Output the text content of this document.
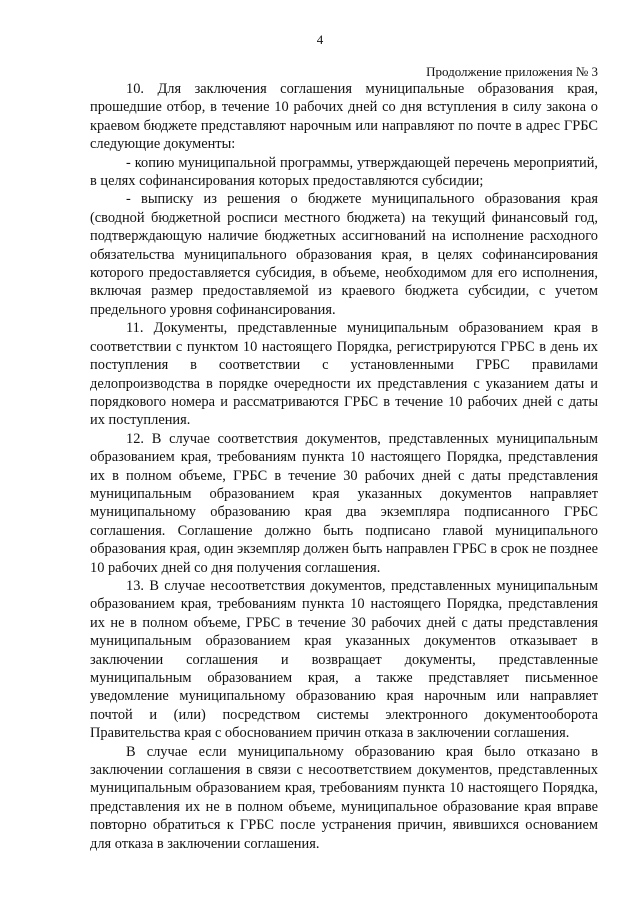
4
Продолжение приложения № 3

10. Для заключения соглашения муниципальные образования края, прошедшие отбор, в течение 10 рабочих дней со дня вступления в силу закона о краевом бюджете представляют нарочным или направляют по почте в адрес ГРБС следующие документы:

- копию муниципальной программы, утверждающей перечень мероприятий, в целях софинансирования которых предоставляются субсидии;

- выписку из решения о бюджете муниципального образования края (сводной бюджетной росписи местного бюджета) на текущий финансовый год, подтверждающую наличие бюджетных ассигнований на исполнение расходного обязательства муниципального образования края, в целях софинансирования которого предоставляется субсидия, в объеме, необходимом для его исполнения, включая размер предоставляемой из краевого бюджета субсидии, с учетом предельного уровня софинансирования.

11. Документы, представленные муниципальным образованием края в соответствии с пунктом 10 настоящего Порядка, регистрируются ГРБС в день их поступления в соответствии с установленными ГРБС правилами делопроизводства в порядке очередности их представления с указанием даты и порядкового номера и рассматриваются ГРБС в течение 10 рабочих дней с даты их поступления.

12. В случае соответствия документов, представленных муниципальным образованием края, требованиям пункта 10 настоящего Порядка, представления их в полном объеме, ГРБС в течение 30 рабочих дней с даты представления муниципальным образованием края указанных документов направляет муниципальному образованию края два экземпляра подписанного ГРБС соглашения. Соглашение должно быть подписано главой муниципального образования края, один экземпляр должен быть направлен ГРБС в срок не позднее 10 рабочих дней со дня получения соглашения.

13. В случае несоответствия документов, представленных муниципальным образованием края, требованиям пункта 10 настоящего Порядка, представления их не в полном объеме, ГРБС в течение 30 рабочих дней с даты представления муниципальным образованием края указанных документов отказывает в заключении соглашения и возвращает документы, представленные муниципальным образованием края, а также представляет письменное уведомление муниципальному образованию края нарочным или направляет почтой и (или) посредством системы электронного документооборота Правительства края с обоснованием причин отказа в заключении соглашения.

В случае если муниципальному образованию края было отказано в заключении соглашения в связи с несоответствием документов, представленных муниципальным образованием края, требованиям пункта 10 настоящего Порядка, представления их не в полном объеме, муниципальное образование края вправе повторно обратиться к ГРБС после устранения причин, явившихся основанием для отказа в заключении соглашения.
